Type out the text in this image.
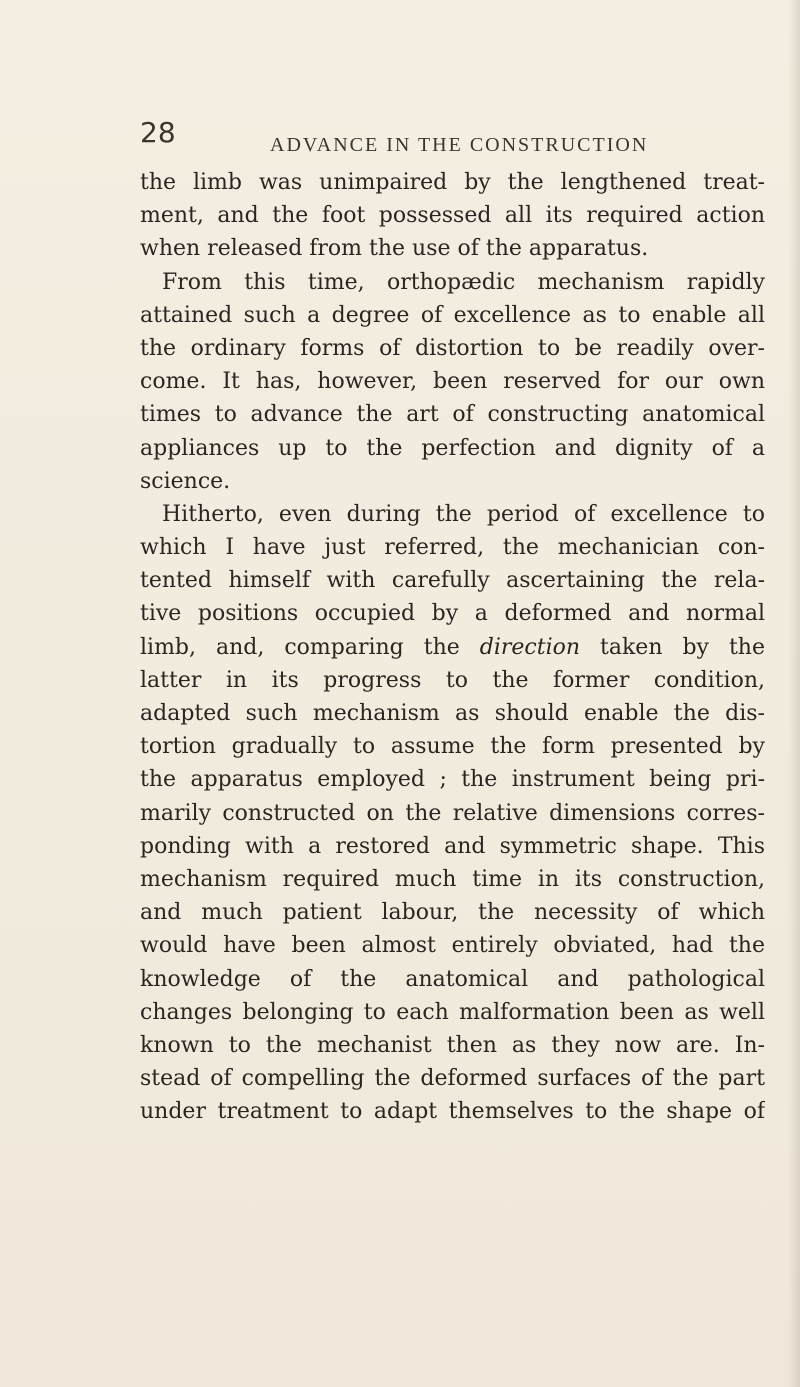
28	ADVANCE IN THE CONSTRUCTION
the limb was unimpaired by the lengthened treat-
ment, and the foot possessed all its required action
when released from the use of the apparatus.
From this time, orthopædic mechanism rapidly
attained such a degree of excellence as to enable all
the ordinary forms of distortion to be readily over-
come. It has, however, been reserved for our own
times to advance the art of constructing anatomical
appliances up to the perfection and dignity of a
science.
Hitherto, even during the period of excellence to
which I have just referred, the mechanician con-
tented himself with carefully ascertaining the rela-
tive positions occupied by a deformed and normal
limb, and, comparing the direction taken by the
latter in its progress to the former condition,
adapted such mechanism as should enable the dis-
tortion gradually to assume the form presented by
the apparatus employed ; the instrument being pri-
marily constructed on the relative dimensions corres-
ponding with a restored and symmetric shape. This
mechanism required much time in its construction,
and much patient labour, the necessity of which
would have been almost entirely obviated, had the
knowledge of the anatomical and pathological
changes belonging to each malformation been as well
known to the mechanist then as they now are. In-
stead of compelling the deformed surfaces of the part
under treatment to adapt themselves to the shape of
